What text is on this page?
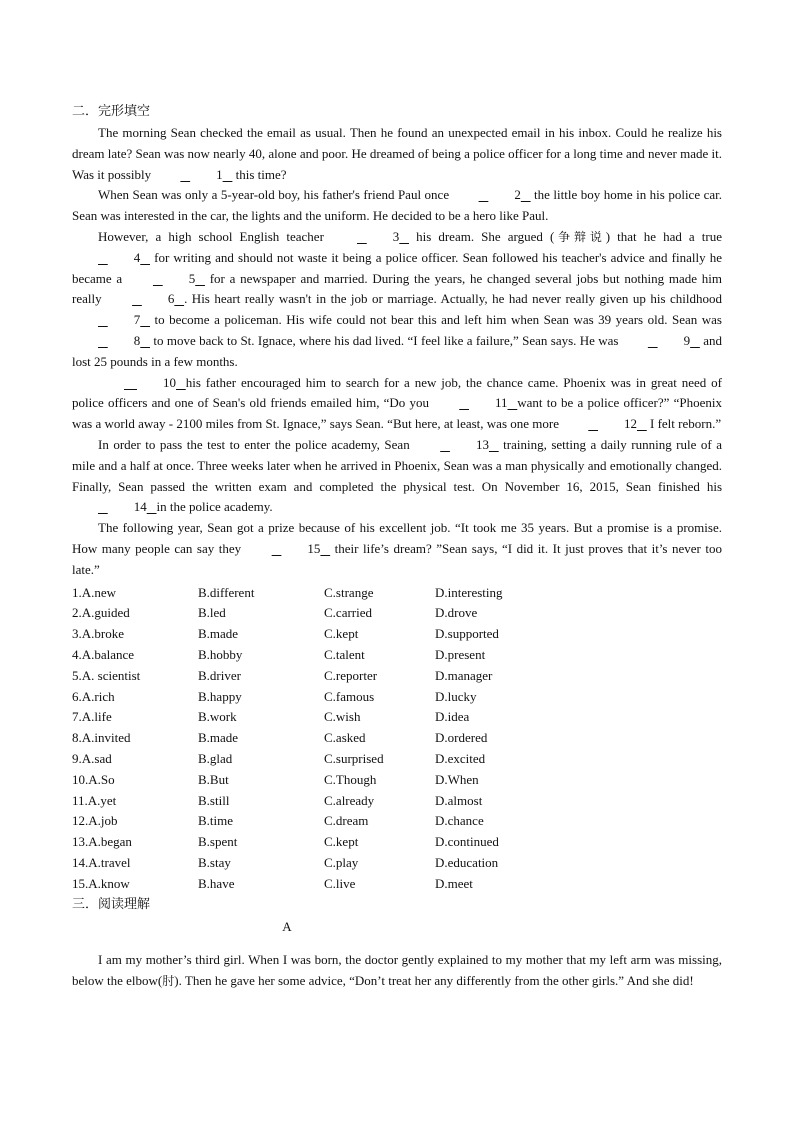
二．完形填空

The morning Sean checked the email as usual. Then he found an unexpected email in his inbox. Could he realize his dream late? Sean was now nearly 40, alone and poor. He dreamed of being a police officer for a long time and never made it. Was it possibly	1    this time?

When Sean was only a 5-year-old boy, his father's friend Paul once	2    the little boy home in his police car. Sean was interested in the car, the lights and the uniform. He decided to be a hero like Paul.

However, a high school English teacher	3    his dream. She argued (争辩说) that he had a true    4    for writing and should not waste it being a police officer. Sean followed his teacher's advice and finally he became a	5    for a newspaper and married. During the years, he changed several jobs but nothing made him really	6 . His heart really wasn't in the job or marriage. Actually, he had never really given up his childhood    7    to become a policeman. His wife could not bear this and left him when Sean was 39 years old. Sean was    8    to move back to St. Ignace, where his dad lived. “I feel like a failure,” Sean says. He was	9    and lost 25 pounds in a few months.

10 his father encouraged him to search for a new job, the chance came. Phoenix was in great need of police officers and one of Sean's old friends emailed him, “Do you	11 want to be a police officer?” “Phoenix was a world away - 2100 miles from St. Ignace,” says Sean. “But here, at least, was one more	12    I felt reborn.”

In order to pass the test to enter the police academy, Sean	13    training, setting a daily running rule of a mile and a half at once. Three weeks later when he arrived in Phoenix, Sean was a man physically and emotionally changed. Finally, Sean passed the written exam and completed the physical test. On November 16, 2015, Sean finished his    14 in the police academy.

The following year, Sean got a prize because of his excellent job. “It took me 35 years. But a promise is a promise. How many people can say they	15    their life’s dream? ”Sean says, “I did it. It just proves that it’s never too late.”

1.A.new	B.different	C.strange	D.interesting
2.A.guided	B.led	C.carried	D.drove
3.A.broke	B.made	C.kept	D.supported
4.A.balance	B.hobby	C.talent	D.present
5.A. scientist	B.driver	C.reporter	D.manager
6.A.rich	B.happy	C.famous	D.lucky
7.A.life	B.work	C.wish	D.idea
8.A.invited	B.made	C.asked	D.ordered
9.A.sad	B.glad	C.surprised	D.excited
10.A.So	B.But	C.Though	D.When
11.A.yet	B.still	C.already	D.almost
12.A.job	B.time	C.dream	D.chance
13.A.began	B.spent	C.kept	D.continued
14.A.travel	B.stay	C.play	D.education
15.A.know	B.have	C.live	D.meet
三．阅读理解
A

I am my mother’s third girl. When I was born, the doctor gently explained to my mother that my left arm was missing, below the elbow(肘). Then he gave her some advice, “Don’t treat her any differently from the other girls.” And she did!
